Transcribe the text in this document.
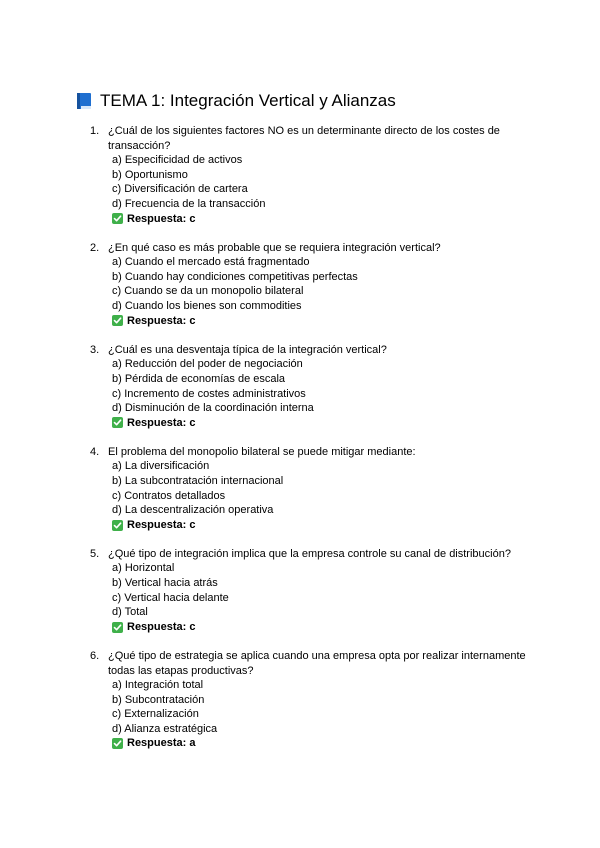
TEMA 1: Integración Vertical y Alianzas
1. ¿Cuál de los siguientes factores NO es un determinante directo de los costes de transacción?
a) Especificidad de activos
b) Oportunismo
c) Diversificación de cartera
d) Frecuencia de la transacción
Respuesta: c
2. ¿En qué caso es más probable que se requiera integración vertical?
a) Cuando el mercado está fragmentado
b) Cuando hay condiciones competitivas perfectas
c) Cuando se da un monopolio bilateral
d) Cuando los bienes son commodities
Respuesta: c
3. ¿Cuál es una desventaja típica de la integración vertical?
a) Reducción del poder de negociación
b) Pérdida de economías de escala
c) Incremento de costes administrativos
d) Disminución de la coordinación interna
Respuesta: c
4. El problema del monopolio bilateral se puede mitigar mediante:
a) La diversificación
b) La subcontratación internacional
c) Contratos detallados
d) La descentralización operativa
Respuesta: c
5. ¿Qué tipo de integración implica que la empresa controle su canal de distribución?
a) Horizontal
b) Vertical hacia atrás
c) Vertical hacia delante
d) Total
Respuesta: c
6. ¿Qué tipo de estrategia se aplica cuando una empresa opta por realizar internamente todas las etapas productivas?
a) Integración total
b) Subcontratación
c) Externalización
d) Alianza estratégica
Respuesta: a
